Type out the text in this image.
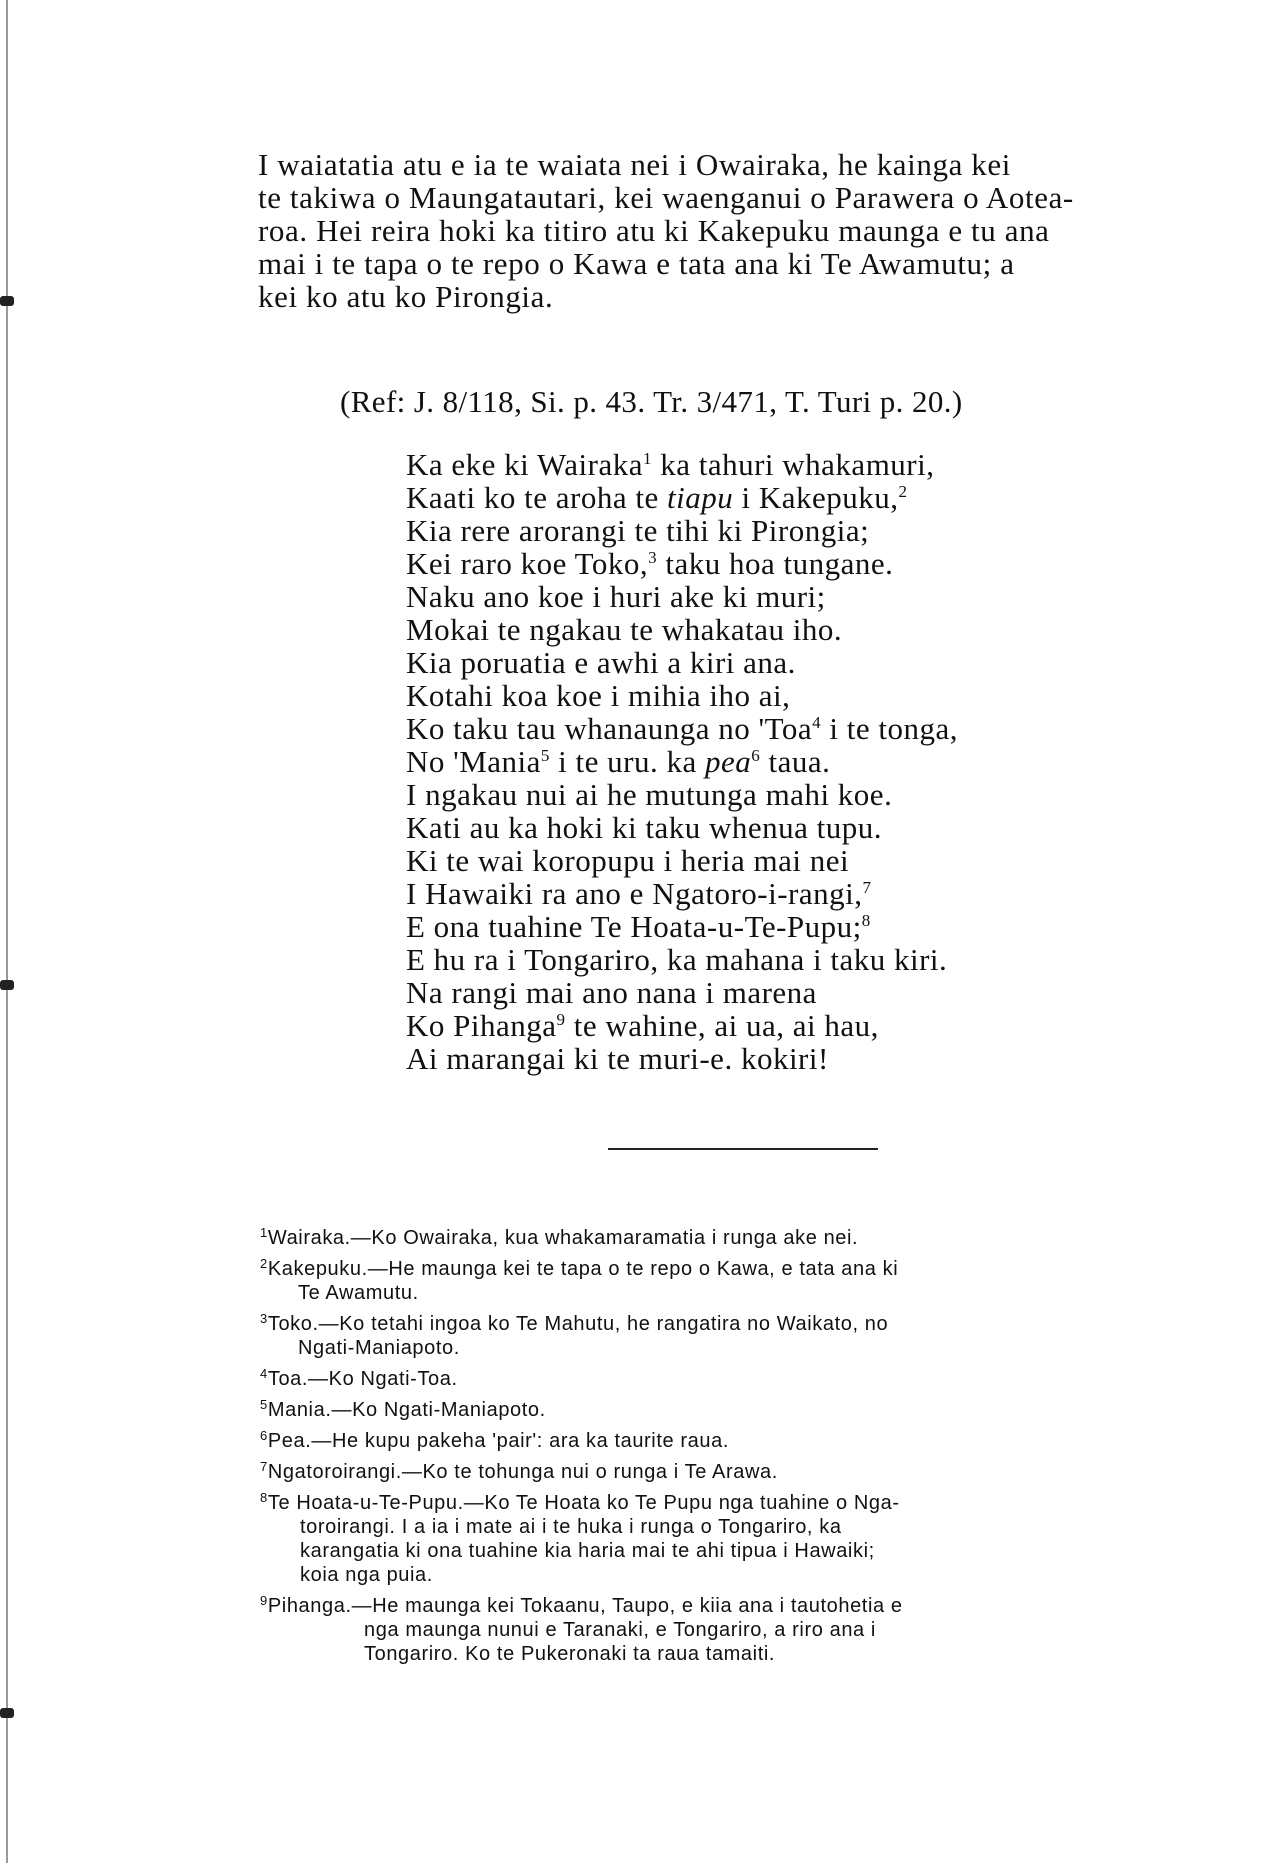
I waiatatia atu e ia te waiata nei i Owairaka, he kainga kei
te takiwa o Maungatautari, kei waenganui o Parawera o Aotea-
roa. Hei reira hoki ka titiro atu ki Kakepuku maunga e tu ana
mai i te tapa o te repo o Kawa e tata ana ki Te Awamutu; a
kei ko atu ko Pirongia.
(Ref: J. 8/118, Si. p. 43. Tr. 3/471, T. Turi p. 20.)
Ka eke ki Wairaka$^1$ ka tahuri whakamuri,
Kaati ko te aroha te tiapu i Kakepuku,$^2$
Kia rere arorangi te tihi ki Pirongia;
Kei raro koe Toko,$^3$ taku hoa tungane.
Naku ano koe i huri ake ki muri;
Mokai te ngakau te whakatau iho.
Kia poruatia e awhi a kiri ana.
Kotahi koa koe i mihia iho ai,
Ko taku tau whanaunga no 'Toa$^4$ i te tonga,
No 'Mania$^5$ i te uru. ka pea$^6$ taua.
I ngakau nui ai he mutunga mahi koe.
Kati au ka hoki ki taku whenua tupu.
Ki te wai koropupu i heria mai nei
I Hawaiki ra ano e Ngatoro-i-rangi,$^7$
E ona tuahine Te Hoata-u-Te-Pupu;$^8$
E hu ra i Tongariro, ka mahana i taku kiri.
Na rangi mai ano nana i marena
Ko Pihanga$^9$ te wahine, ai ua, ai hau,
Ai marangai ki te muri-e. kokiri!
$^1$Wairaka.—Ko Owairaka, kua whakamaramatia i runga ake nei.
$^2$Kakepuku.—He maunga kei te tapa o te repo o Kawa, e tata ana ki
Te Awamutu.
$^3$Toko.—Ko tetahi ingoa ko Te Mahutu, he rangatira no Waikato, no
Ngati-Maniapoto.
$^4$Toa.—Ko Ngati-Toa.
$^5$Mania.—Ko Ngati-Maniapoto.
$^6$Pea.—He kupu pakeha 'pair': ara ka taurite raua.
$^7$Ngatoroirangi.—Ko te tohunga nui o runga i Te Arawa.
$^8$Te Hoata-u-Te-Pupu.—Ko Te Hoata ko Te Pupu nga tuahine o Nga-
toroirangi. I a ia i mate ai i te huka i runga o Tongariro, ka
karangatia ki ona tuahine kia haria mai te ahi tipua i Hawaiki;
koia nga puia.
$^9$Pihanga.—He maunga kei Tokaanu, Taupo, e kiia ana i tautohetia e
nga maunga nunui e Taranaki, e Tongariro, a riro ana i
Tongariro. Ko te Pukeronaki ta raua tamaiti.
